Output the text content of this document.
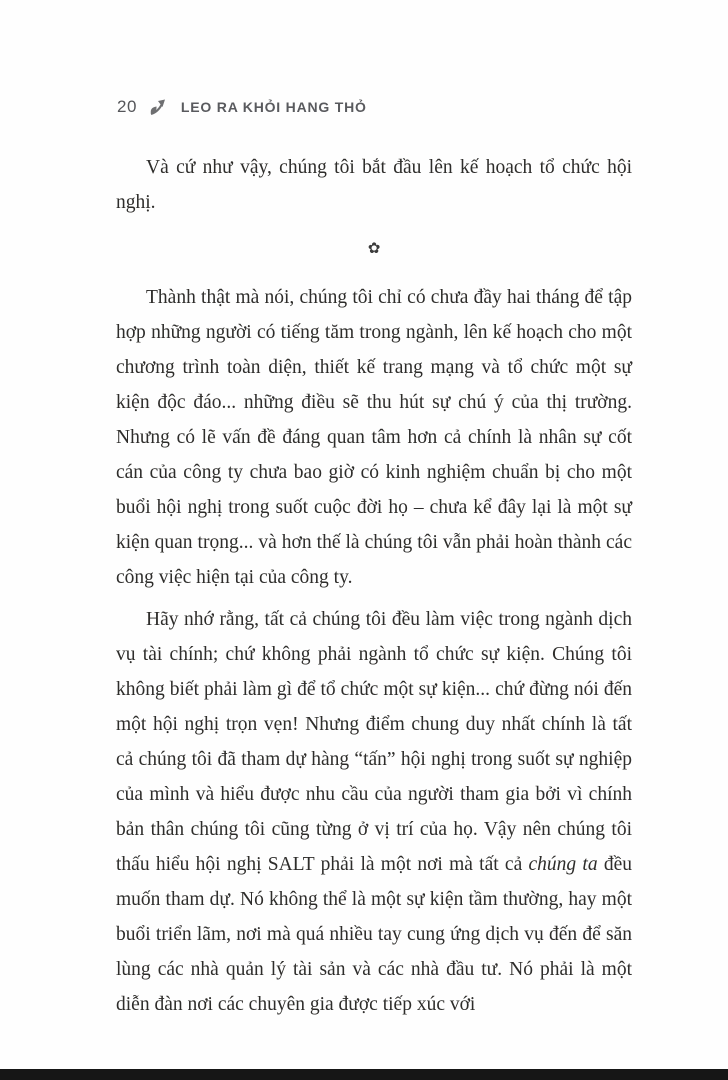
20	LEO RA KHỎI HANG THỎ

Và cứ như vậy, chúng tôi bắt đầu lên kế hoạch tổ chức hội nghị.

✿

Thành thật mà nói, chúng tôi chỉ có chưa đầy hai tháng để tập hợp những người có tiếng tăm trong ngành, lên kế hoạch cho một chương trình toàn diện, thiết kế trang mạng và tổ chức một sự kiện độc đáo... những điều sẽ thu hút sự chú ý của thị trường. Nhưng có lẽ vấn đề đáng quan tâm hơn cả chính là nhân sự cốt cán của công ty chưa bao giờ có kinh nghiệm chuẩn bị cho một buổi hội nghị trong suốt cuộc đời họ – chưa kể đây lại là một sự kiện quan trọng... và hơn thế là chúng tôi vẫn phải hoàn thành các công việc hiện tại của công ty.

Hãy nhớ rằng, tất cả chúng tôi đều làm việc trong ngành dịch vụ tài chính; chứ không phải ngành tổ chức sự kiện. Chúng tôi không biết phải làm gì để tổ chức một sự kiện... chứ đừng nói đến một hội nghị trọn vẹn! Nhưng điểm chung duy nhất chính là tất cả chúng tôi đã tham dự hàng “tấn” hội nghị trong suốt sự nghiệp của mình và hiểu được nhu cầu của người tham gia bởi vì chính bản thân chúng tôi cũng từng ở vị trí của họ. Vậy nên chúng tôi thấu hiểu hội nghị SALT phải là một nơi mà tất cả chúng ta đều muốn tham dự. Nó không thể là một sự kiện tầm thường, hay một buổi triển lãm, nơi mà quá nhiều tay cung ứng dịch vụ đến để săn lùng các nhà quản lý tài sản và các nhà đầu tư. Nó phải là một diễn đàn nơi các chuyên gia được tiếp xúc với
